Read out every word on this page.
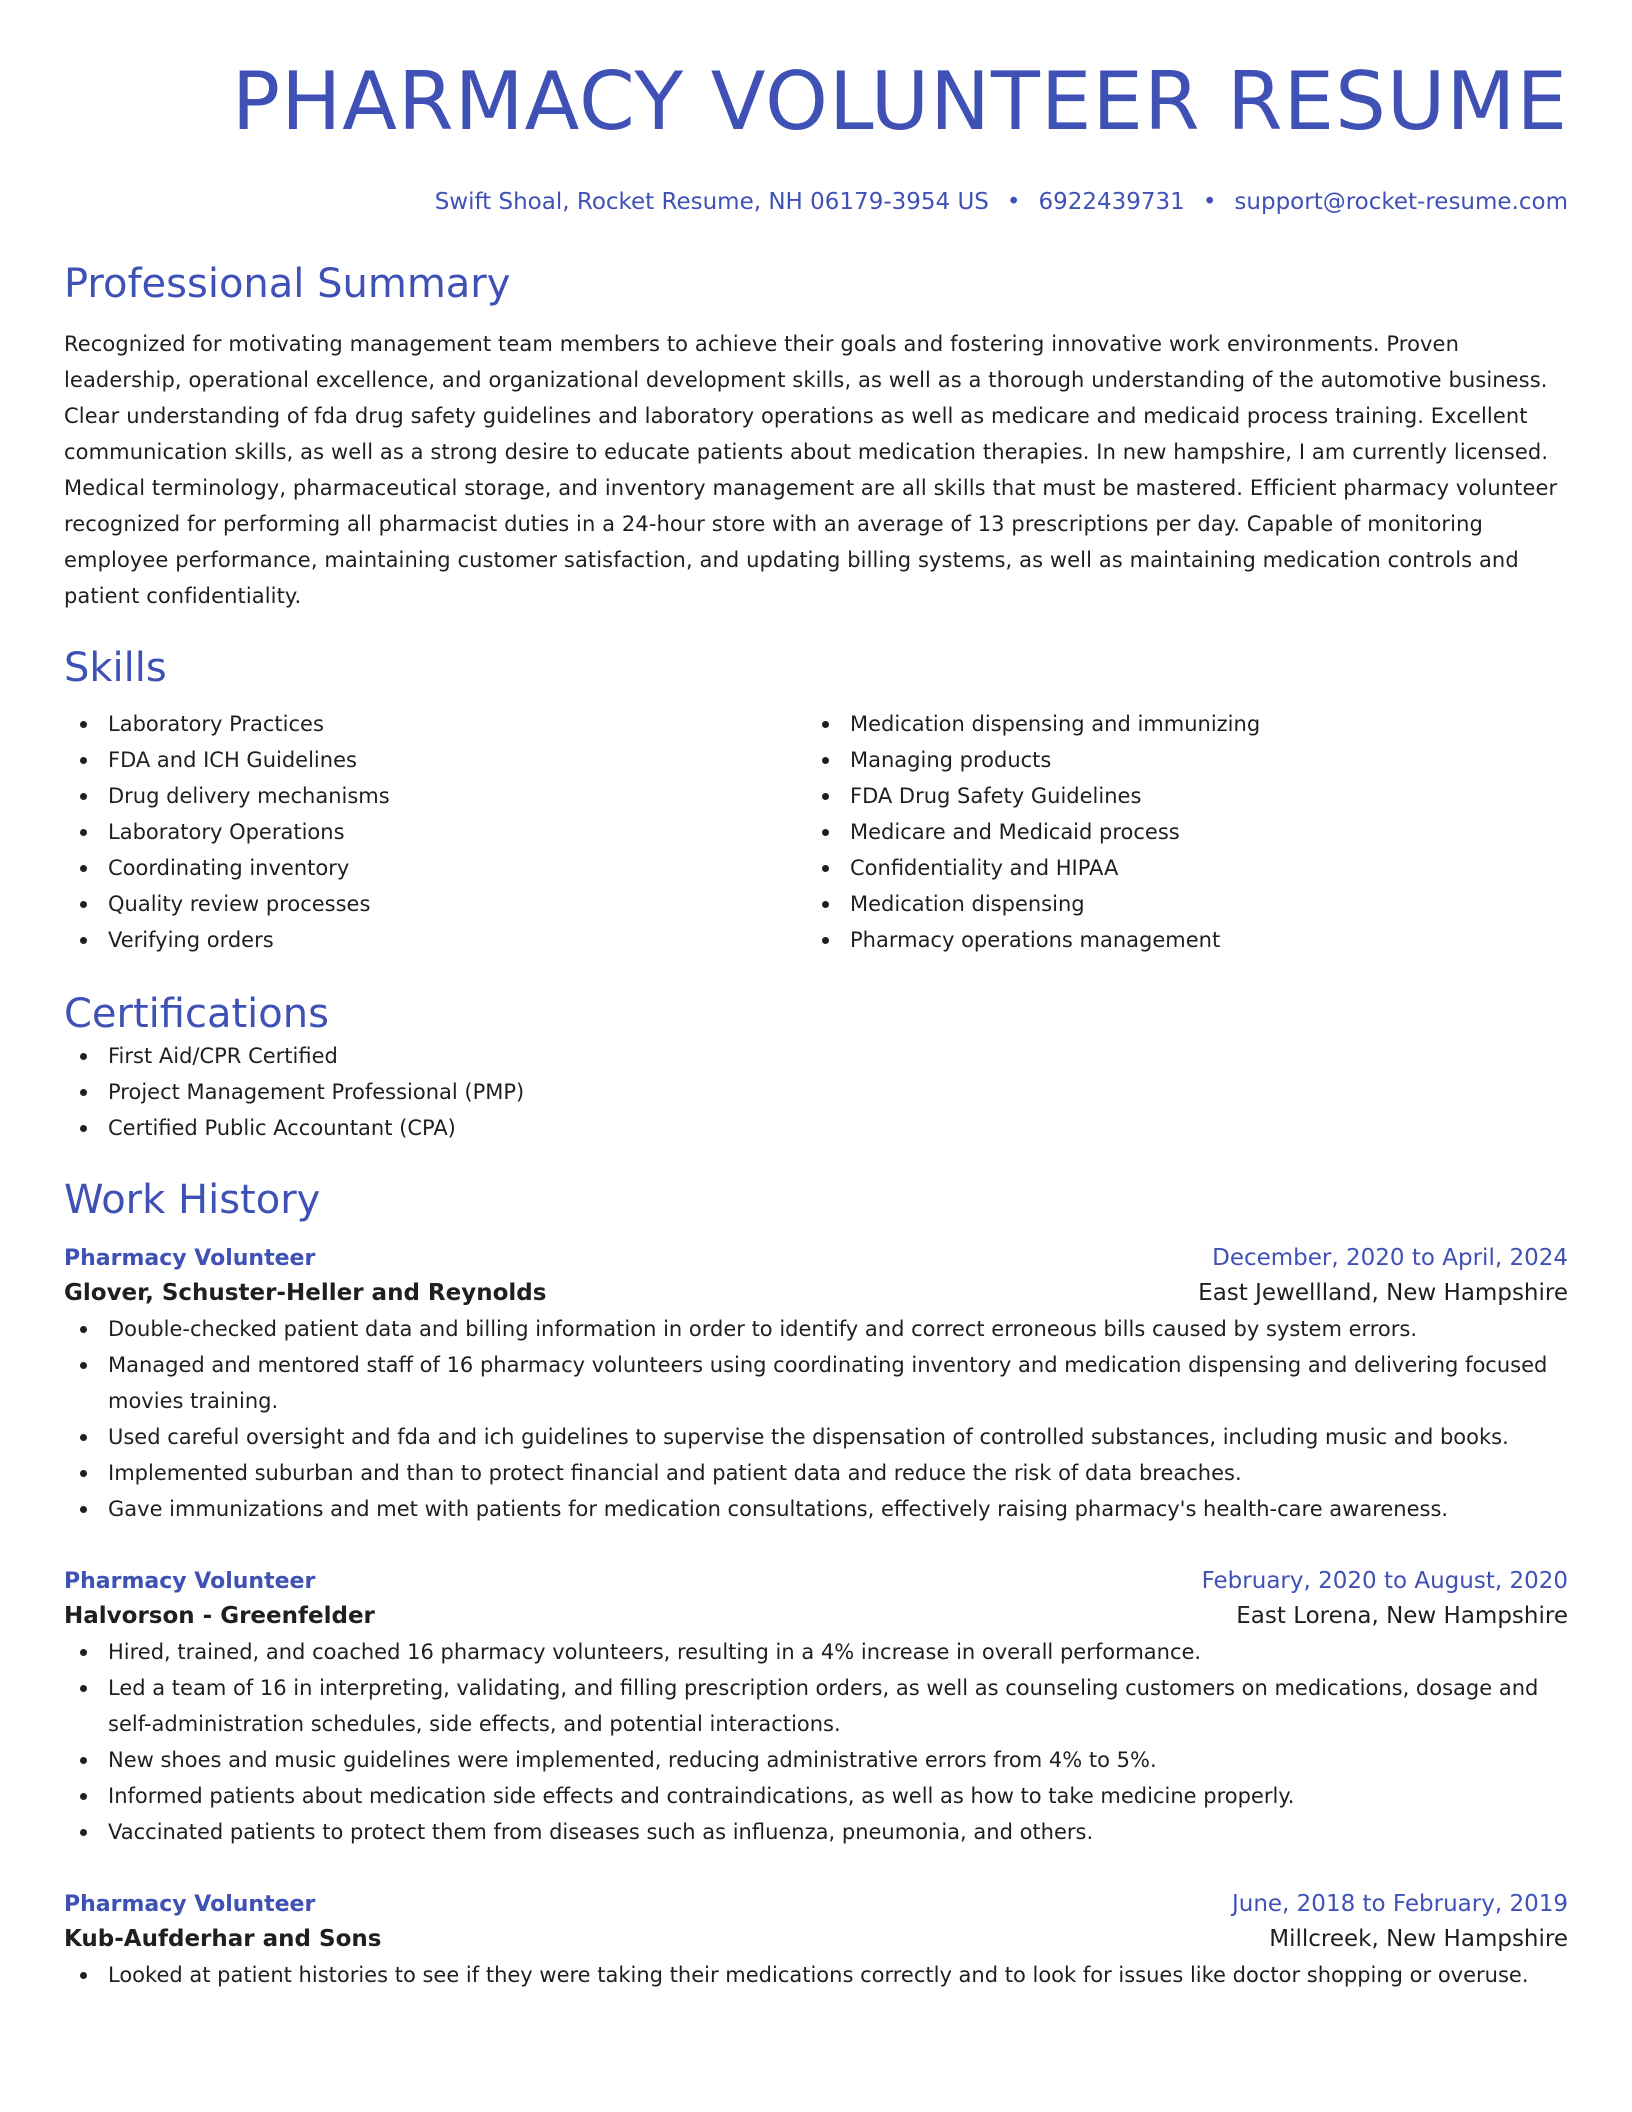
PHARMACY VOLUNTEER RESUME
Swift Shoal, Rocket Resume, NH 06179-3954 US • 6922439731 • support@rocket-resume.com
Professional Summary

Recognized for motivating management team members to achieve their goals and fostering innovative work environments. Proven leadership, operational excellence, and organizational development skills, as well as a thorough understanding of the automotive business. Clear understanding of fda drug safety guidelines and laboratory operations as well as medicare and medicaid process training. Excellent communication skills, as well as a strong desire to educate patients about medication therapies. In new hampshire, I am currently licensed. Medical terminology, pharmaceutical storage, and inventory management are all skills that must be mastered. Efficient pharmacy volunteer recognized for performing all pharmacist duties in a 24-hour store with an average of 13 prescriptions per day. Capable of monitoring employee performance, maintaining customer satisfaction, and updating billing systems, as well as maintaining medication controls and patient confidentiality.

Skills
Laboratory Practices
FDA and ICH Guidelines
Drug delivery mechanisms
Laboratory Operations
Coordinating inventory
Quality review processes
Verifying orders
Medication dispensing and immunizing
Managing products
FDA Drug Safety Guidelines
Medicare and Medicaid process
Confidentiality and HIPAA
Medication dispensing
Pharmacy operations management
Certifications
First Aid/CPR Certified
Project Management Professional (PMP)
Certified Public Accountant (CPA)
Work History
Pharmacy Volunteer	December, 2020 to April, 2024
Glover, Schuster-Heller and Reynolds	East Jewellland, New Hampshire
Double-checked patient data and billing information in order to identify and correct erroneous bills caused by system errors.
Managed and mentored staff of 16 pharmacy volunteers using coordinating inventory and medication dispensing and delivering focused movies training.
Used careful oversight and fda and ich guidelines to supervise the dispensation of controlled substances, including music and books.
Implemented suburban and than to protect financial and patient data and reduce the risk of data breaches.
Gave immunizations and met with patients for medication consultations, effectively raising pharmacy's health-care awareness.
Pharmacy Volunteer	February, 2020 to August, 2020
Halvorson - Greenfelder	East Lorena, New Hampshire
Hired, trained, and coached 16 pharmacy volunteers, resulting in a 4% increase in overall performance.
Led a team of 16 in interpreting, validating, and filling prescription orders, as well as counseling customers on medications, dosage and self-administration schedules, side effects, and potential interactions.
New shoes and music guidelines were implemented, reducing administrative errors from 4% to 5%.
Informed patients about medication side effects and contraindications, as well as how to take medicine properly.
Vaccinated patients to protect them from diseases such as influenza, pneumonia, and others.
Pharmacy Volunteer	June, 2018 to February, 2019
Kub-Aufderhar and Sons	Millcreek, New Hampshire
Looked at patient histories to see if they were taking their medications correctly and to look for issues like doctor shopping or overuse.
